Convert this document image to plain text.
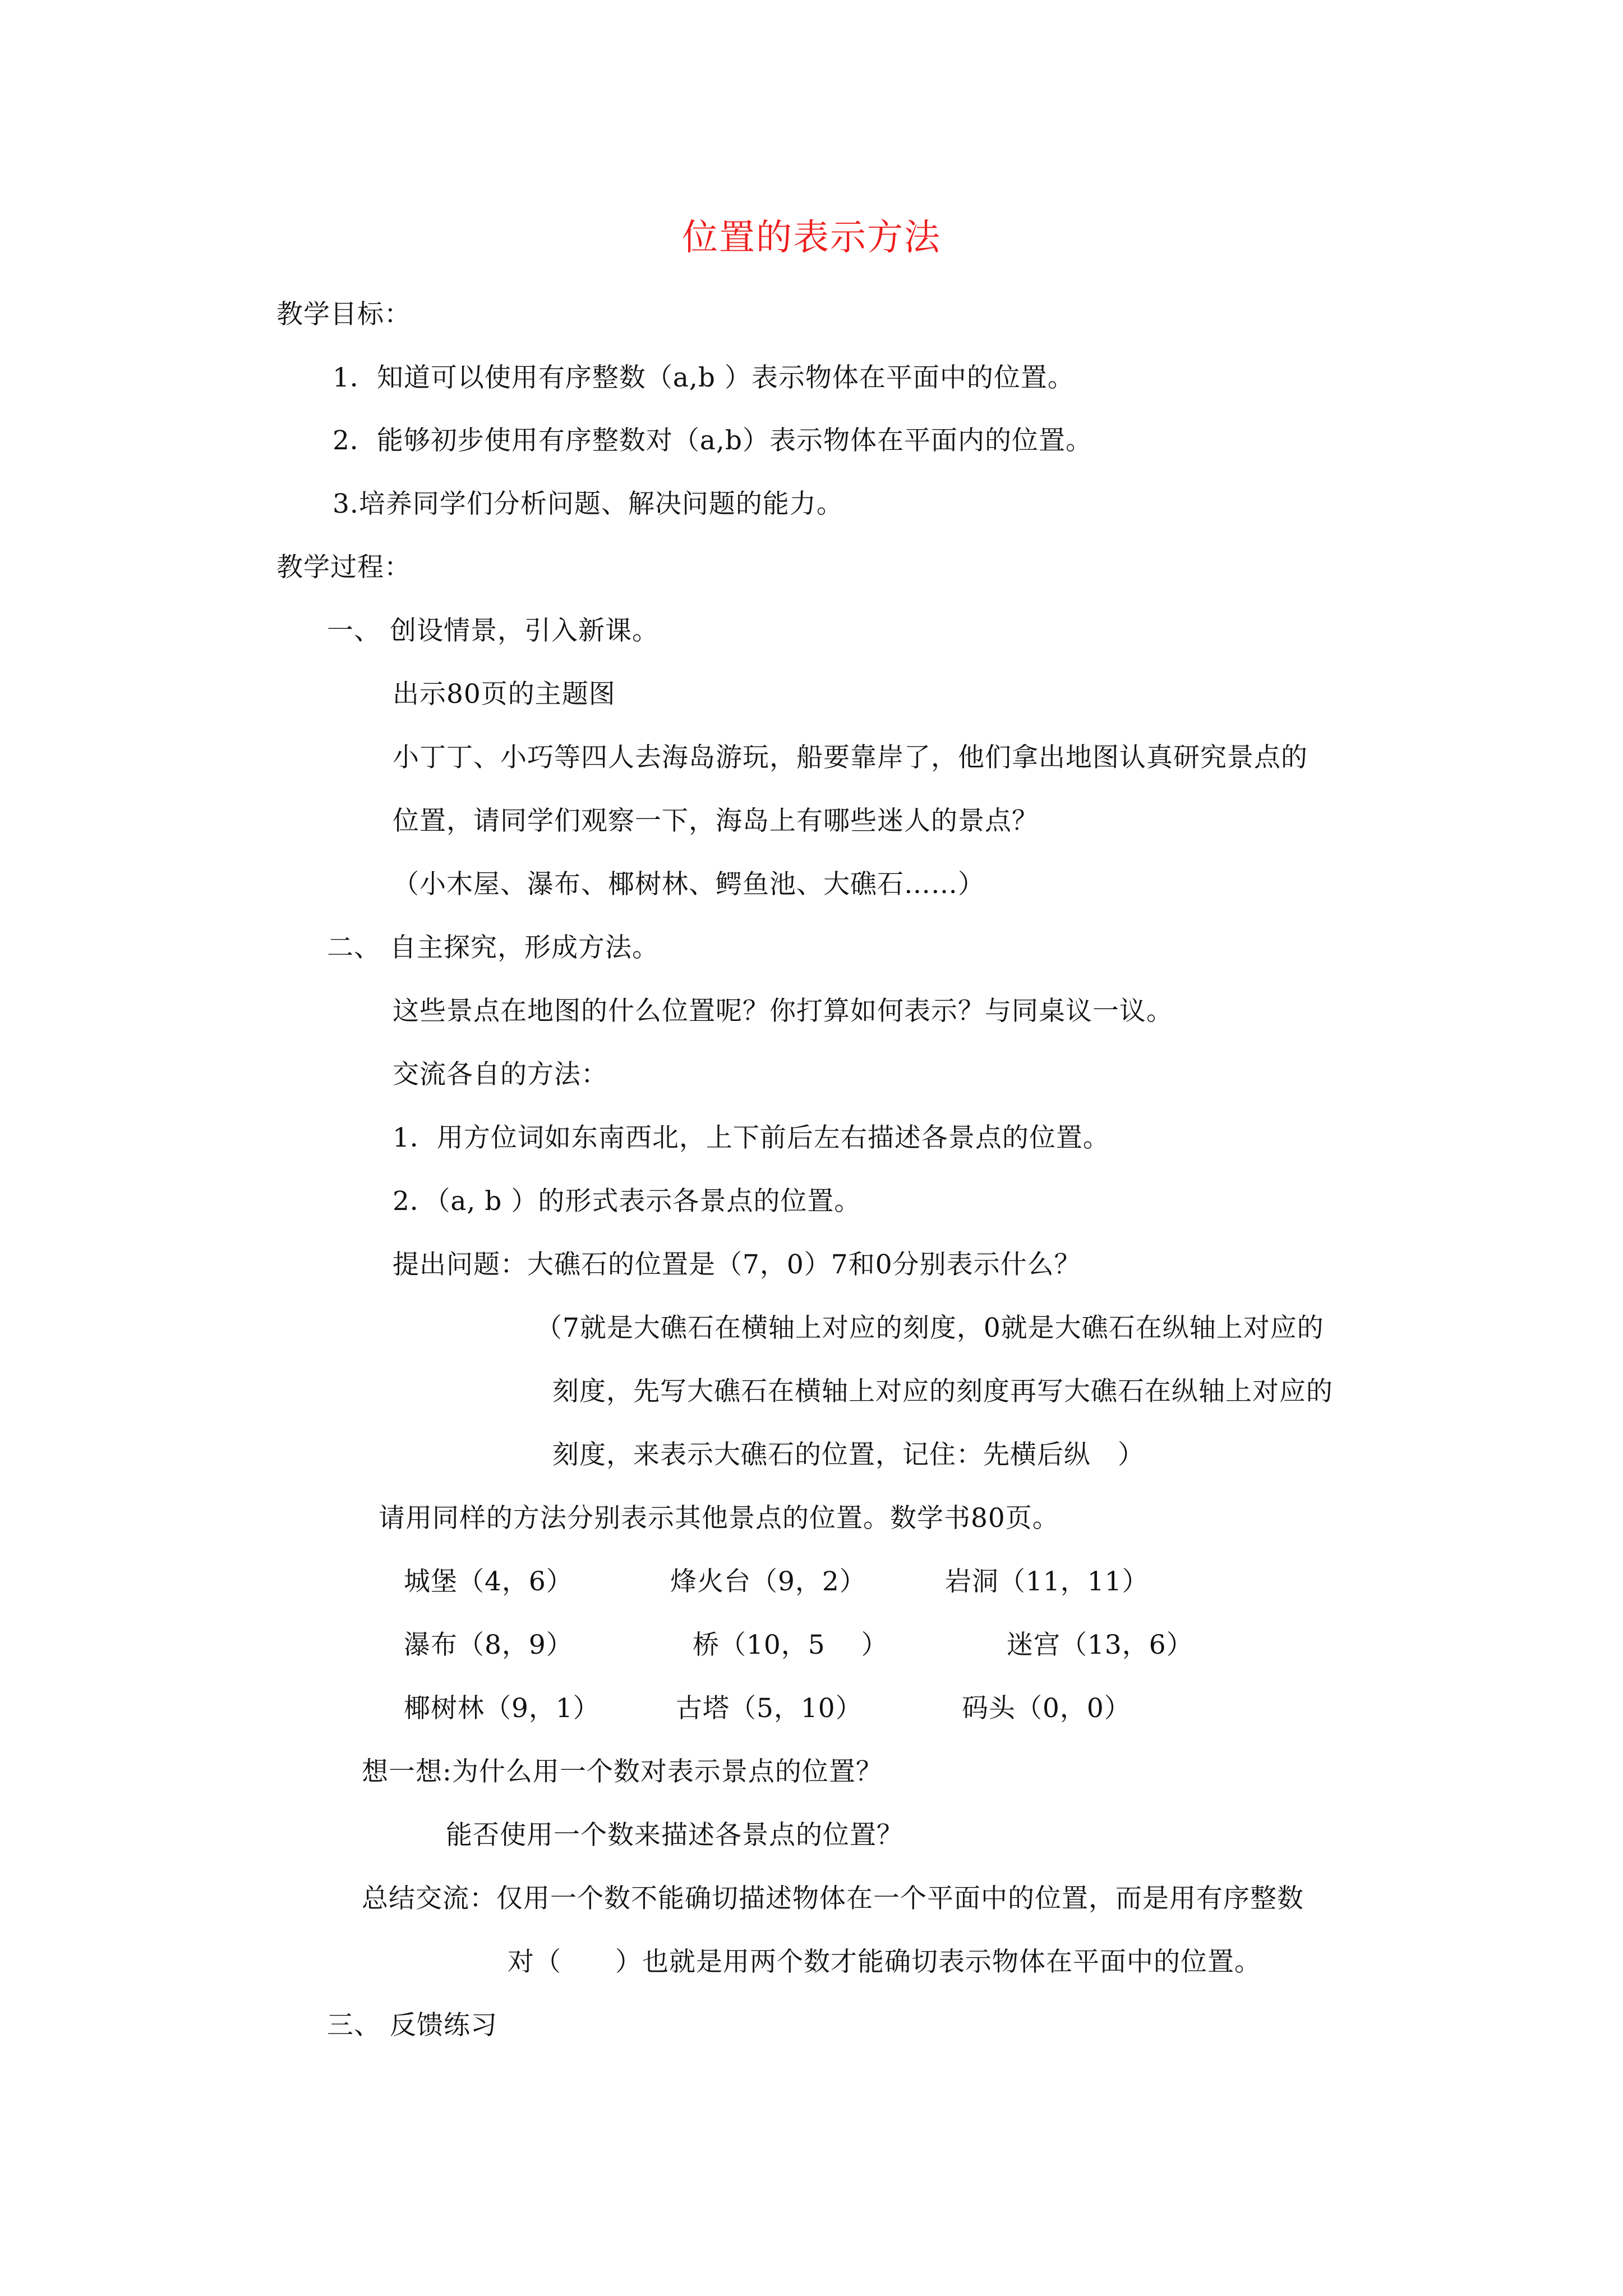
位置的表示方法
教学目标：
1．知道可以使用有序整数（a,b ）表示物体在平面中的位置。
2．能够初步使用有序整数对（a,b）表示物体在平面内的位置。
3.培养同学们分析问题、解决问题的能力。
教学过程：
一、 创设情景，引入新课。
出示80页的主题图
小丁丁、小巧等四人去海岛游玩，船要靠岸了，他们拿出地图认真研究景点的
位置，请同学们观察一下，海岛上有哪些迷人的景点？
（小木屋、瀑布、椰树林、鳄鱼池、大礁石……）
二、 自主探究，形成方法。
这些景点在地图的什么位置呢？你打算如何表示？与同桌议一议。
交流各自的方法：
1．用方位词如东南西北，上下前后左右描述各景点的位置。
2．（a, b ）的形式表示各景点的位置。
提出问题：大礁石的位置是（7，0）7和0分别表示什么？
（7就是大礁石在横轴上对应的刻度，0就是大礁石在纵轴上对应的
刻度，先写大礁石在横轴上对应的刻度再写大礁石在纵轴上对应的
刻度，来表示大礁石的位置，记住：先横后纵　）
请用同样的方法分别表示其他景点的位置。数学书80页。
城堡（4，6）	烽火台（9，2）	岩洞（11，11）
瀑布（8，9）	桥（10，5　 ）	迷宫（13，6）
椰树林（9，1）	古塔（5，10）	码头（0，0）
想一想:为什么用一个数对表示景点的位置？
能否使用一个数来描述各景点的位置？
总结交流：仅用一个数不能确切描述物体在一个平面中的位置，而是用有序整数
对（　　）也就是用两个数才能确切表示物体在平面中的位置。
三、 反馈练习
